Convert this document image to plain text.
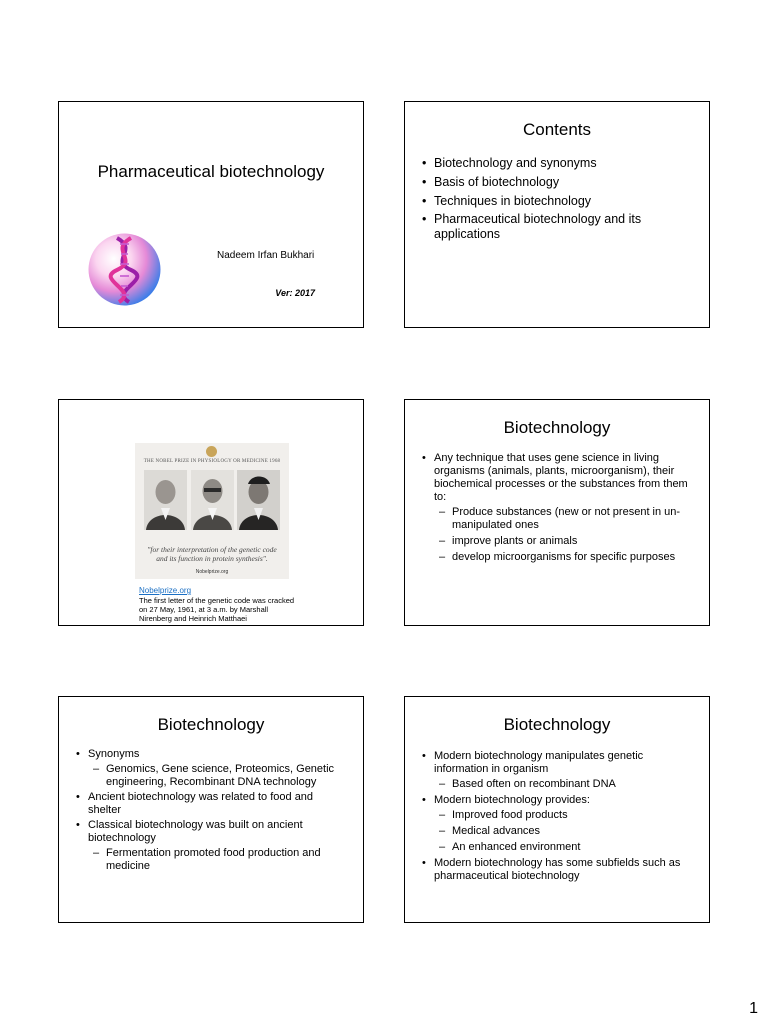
Pharmaceutical biotechnology
Nadeem Irfan Bukhari
Ver: 2017
Contents
• Biotechnology and synonyms
• Basis of biotechnology
• Techniques in biotechnology
• Pharmaceutical biotechnology and its applications
THE NOBEL PRIZE IN PHYSIOLOGY OR MEDICINE 1968
"for their interpretation of the genetic code and its function in protein synthesis".
Nobelprize.org
Nobelprize.org
The first letter of the genetic code was cracked on 27 May, 1961, at 3 a.m. by Marshall Nirenberg and Heinrich Matthaei
Biotechnology
• Any technique that uses gene science in living organisms (animals, plants, microorganism), their biochemical processes or the substances from them to:
– Produce substances (new or not present in un-manipulated ones
– improve plants or animals
– develop microorganisms for specific purposes
Biotechnology
• Synonyms
– Genomics, Gene science, Proteomics, Genetic engineering, Recombinant DNA technology
• Ancient biotechnology was related to food and shelter
• Classical biotechnology was built on ancient biotechnology
– Fermentation promoted food production and medicine
Biotechnology
• Modern biotechnology manipulates genetic information in organism
– Based often on recombinant DNA
• Modern biotechnology provides:
– Improved food products
– Medical advances
– An enhanced environment
• Modern biotechnology has some subfields such as pharmaceutical biotechnology
1
